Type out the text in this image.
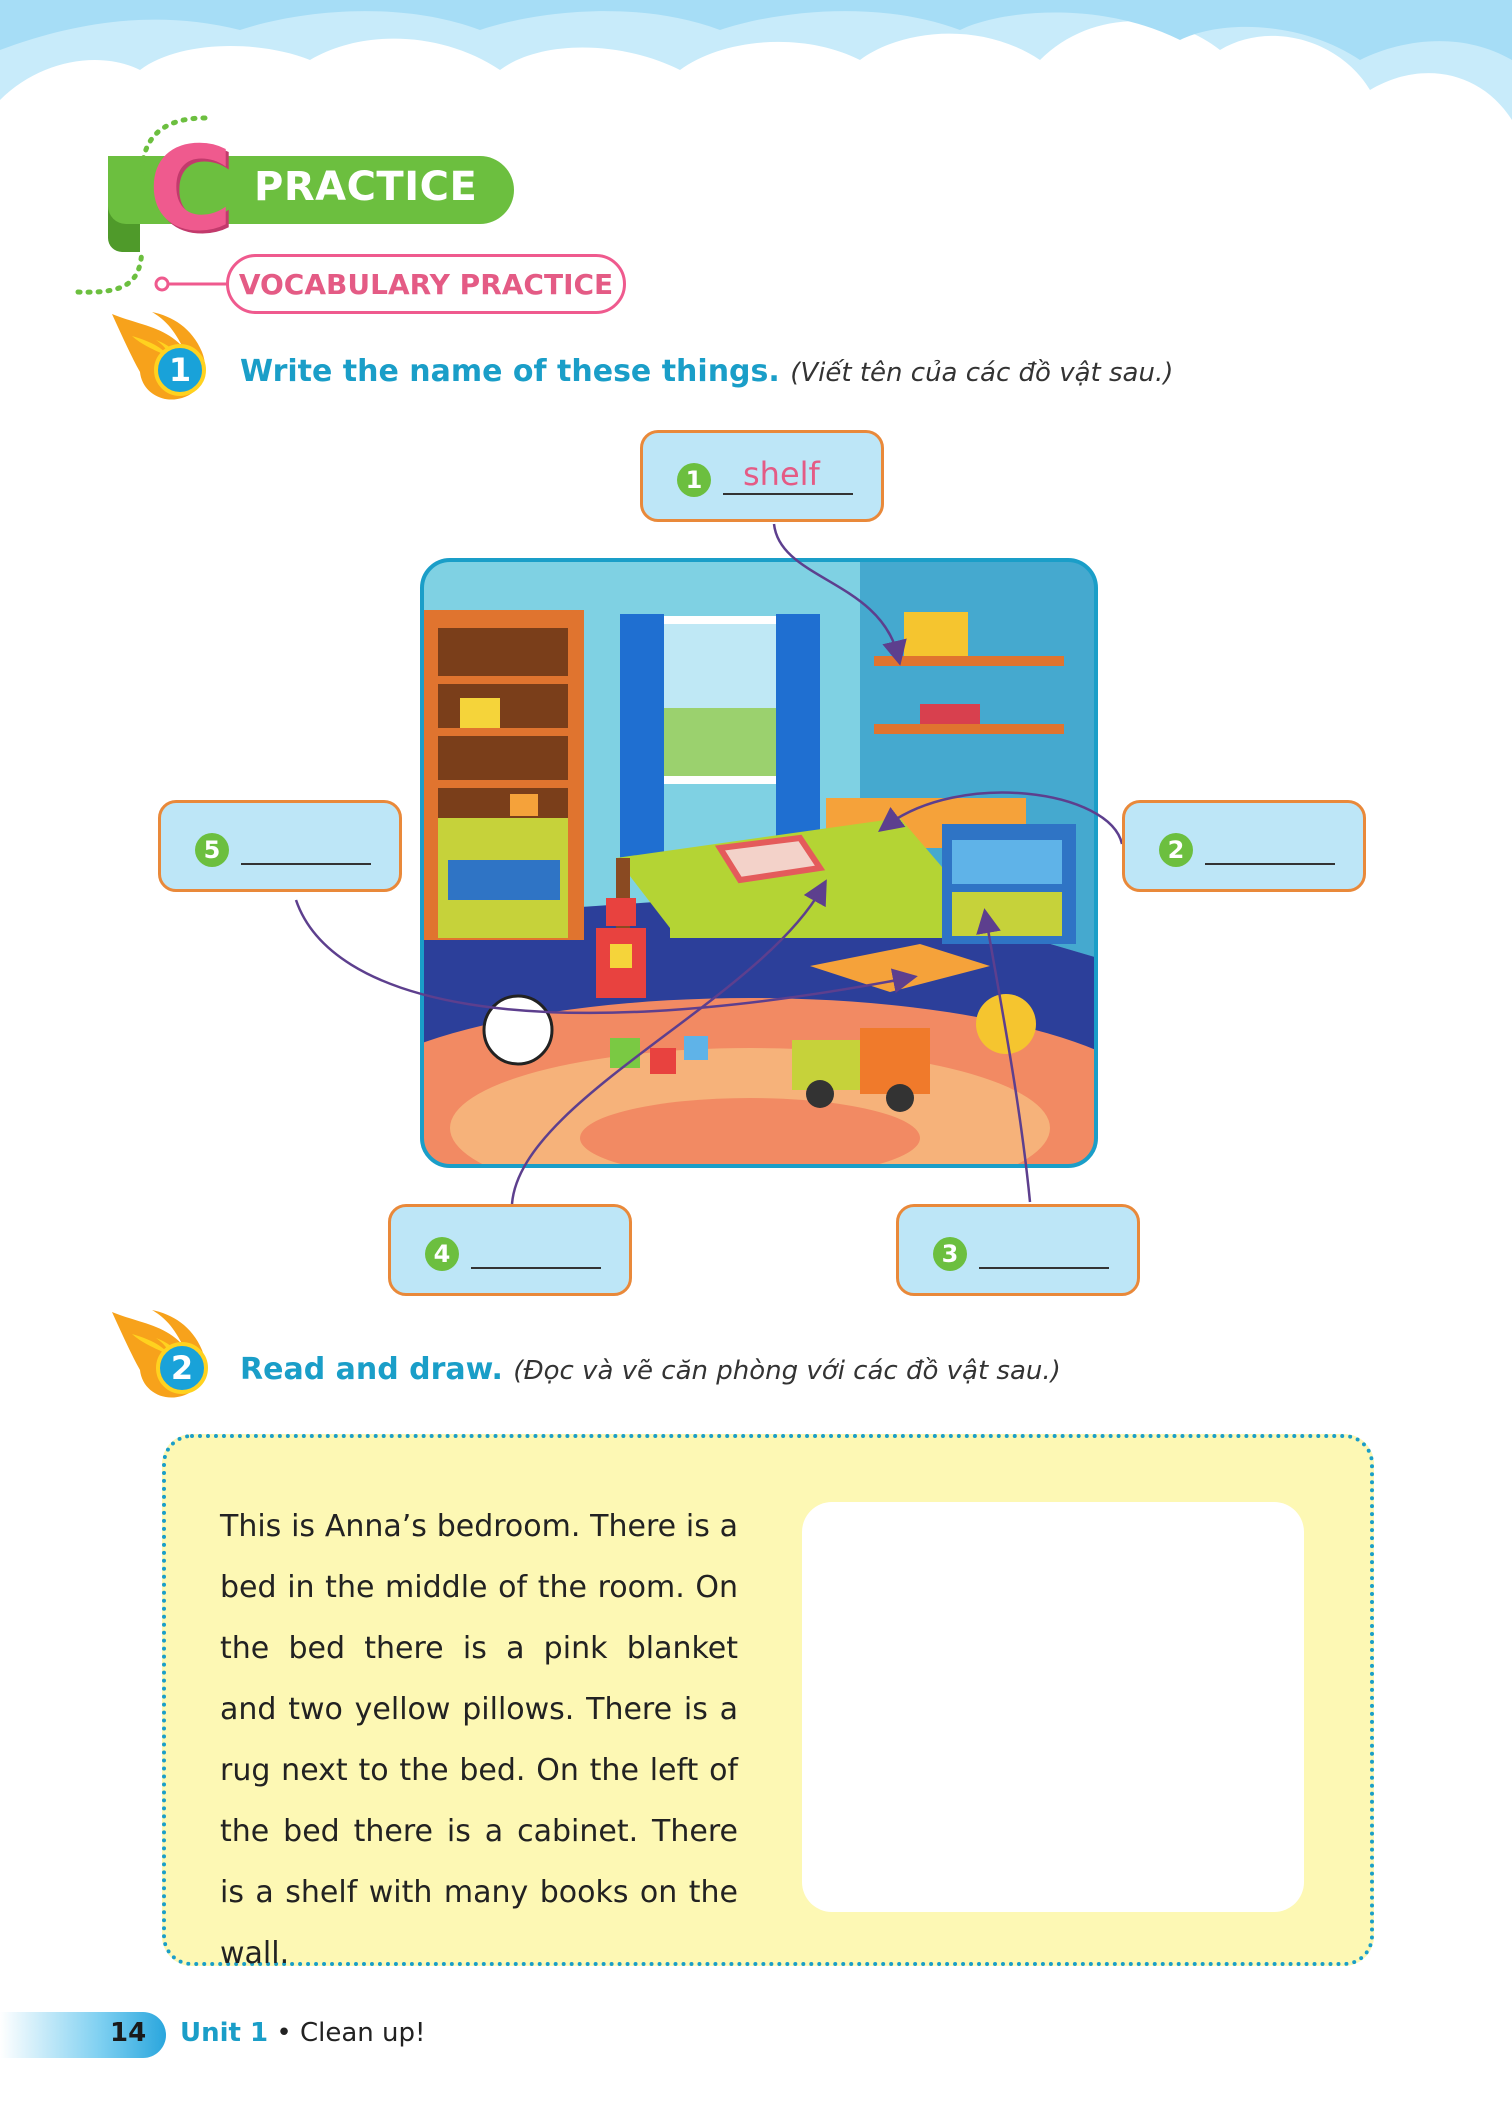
C PRACTICE
VOCABULARY PRACTICE
1	Write the name of these things. (Viết tên của các đồ vật sau.)
1 shelf
2
3
4
5
2	Read and draw. (Đọc và vẽ căn phòng với các đồ vật sau.)
This is Anna’s bedroom. There is a bed in the middle of the room. On the bed there is a pink blanket and two yellow pillows. There is a rug next to the bed. On the left of the bed there is a cabinet. There is a shelf with many books on the wall.
14 Unit 1 • Clean up!
